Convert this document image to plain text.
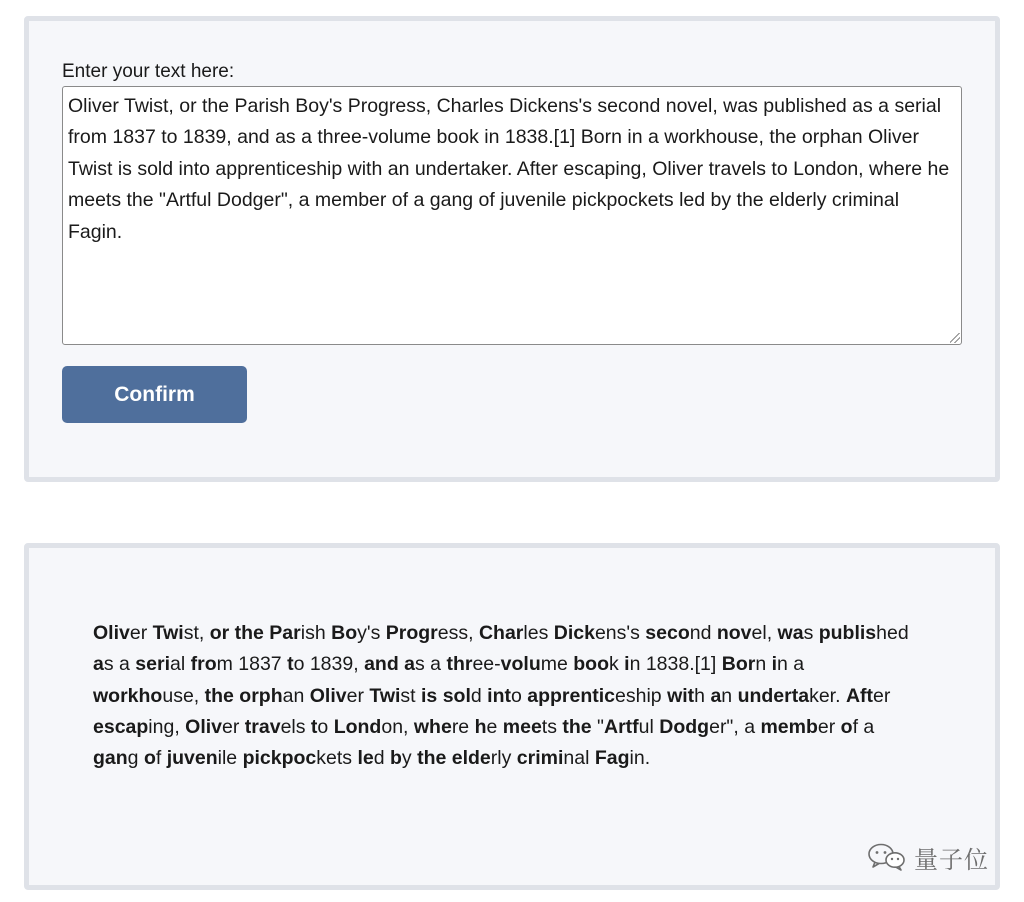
Enter your text here:
Oliver Twist, or the Parish Boy's Progress, Charles Dickens's second novel, was published as a serial from 1837 to 1839, and as a three-volume book in 1838.[1] Born in a workhouse, the orphan Oliver Twist is sold into apprenticeship with an undertaker. After escaping, Oliver travels to London, where he meets the "Artful Dodger", a member of a gang of juvenile pickpockets led by the elderly criminal Fagin.
Confirm
Oliver Twist, or the Parish Boy's Progress, Charles Dickens's second novel, was published as a serial from 1837 to 1839, and as a three-volume book in 1838.[1] Born in a workhouse, the orphan Oliver Twist is sold into apprenticeship with an undertaker. After escaping, Oliver travels to London, where he meets the "Artful Dodger", a member of a gang of juvenile pickpockets led by the elderly criminal Fagin.
量子位
